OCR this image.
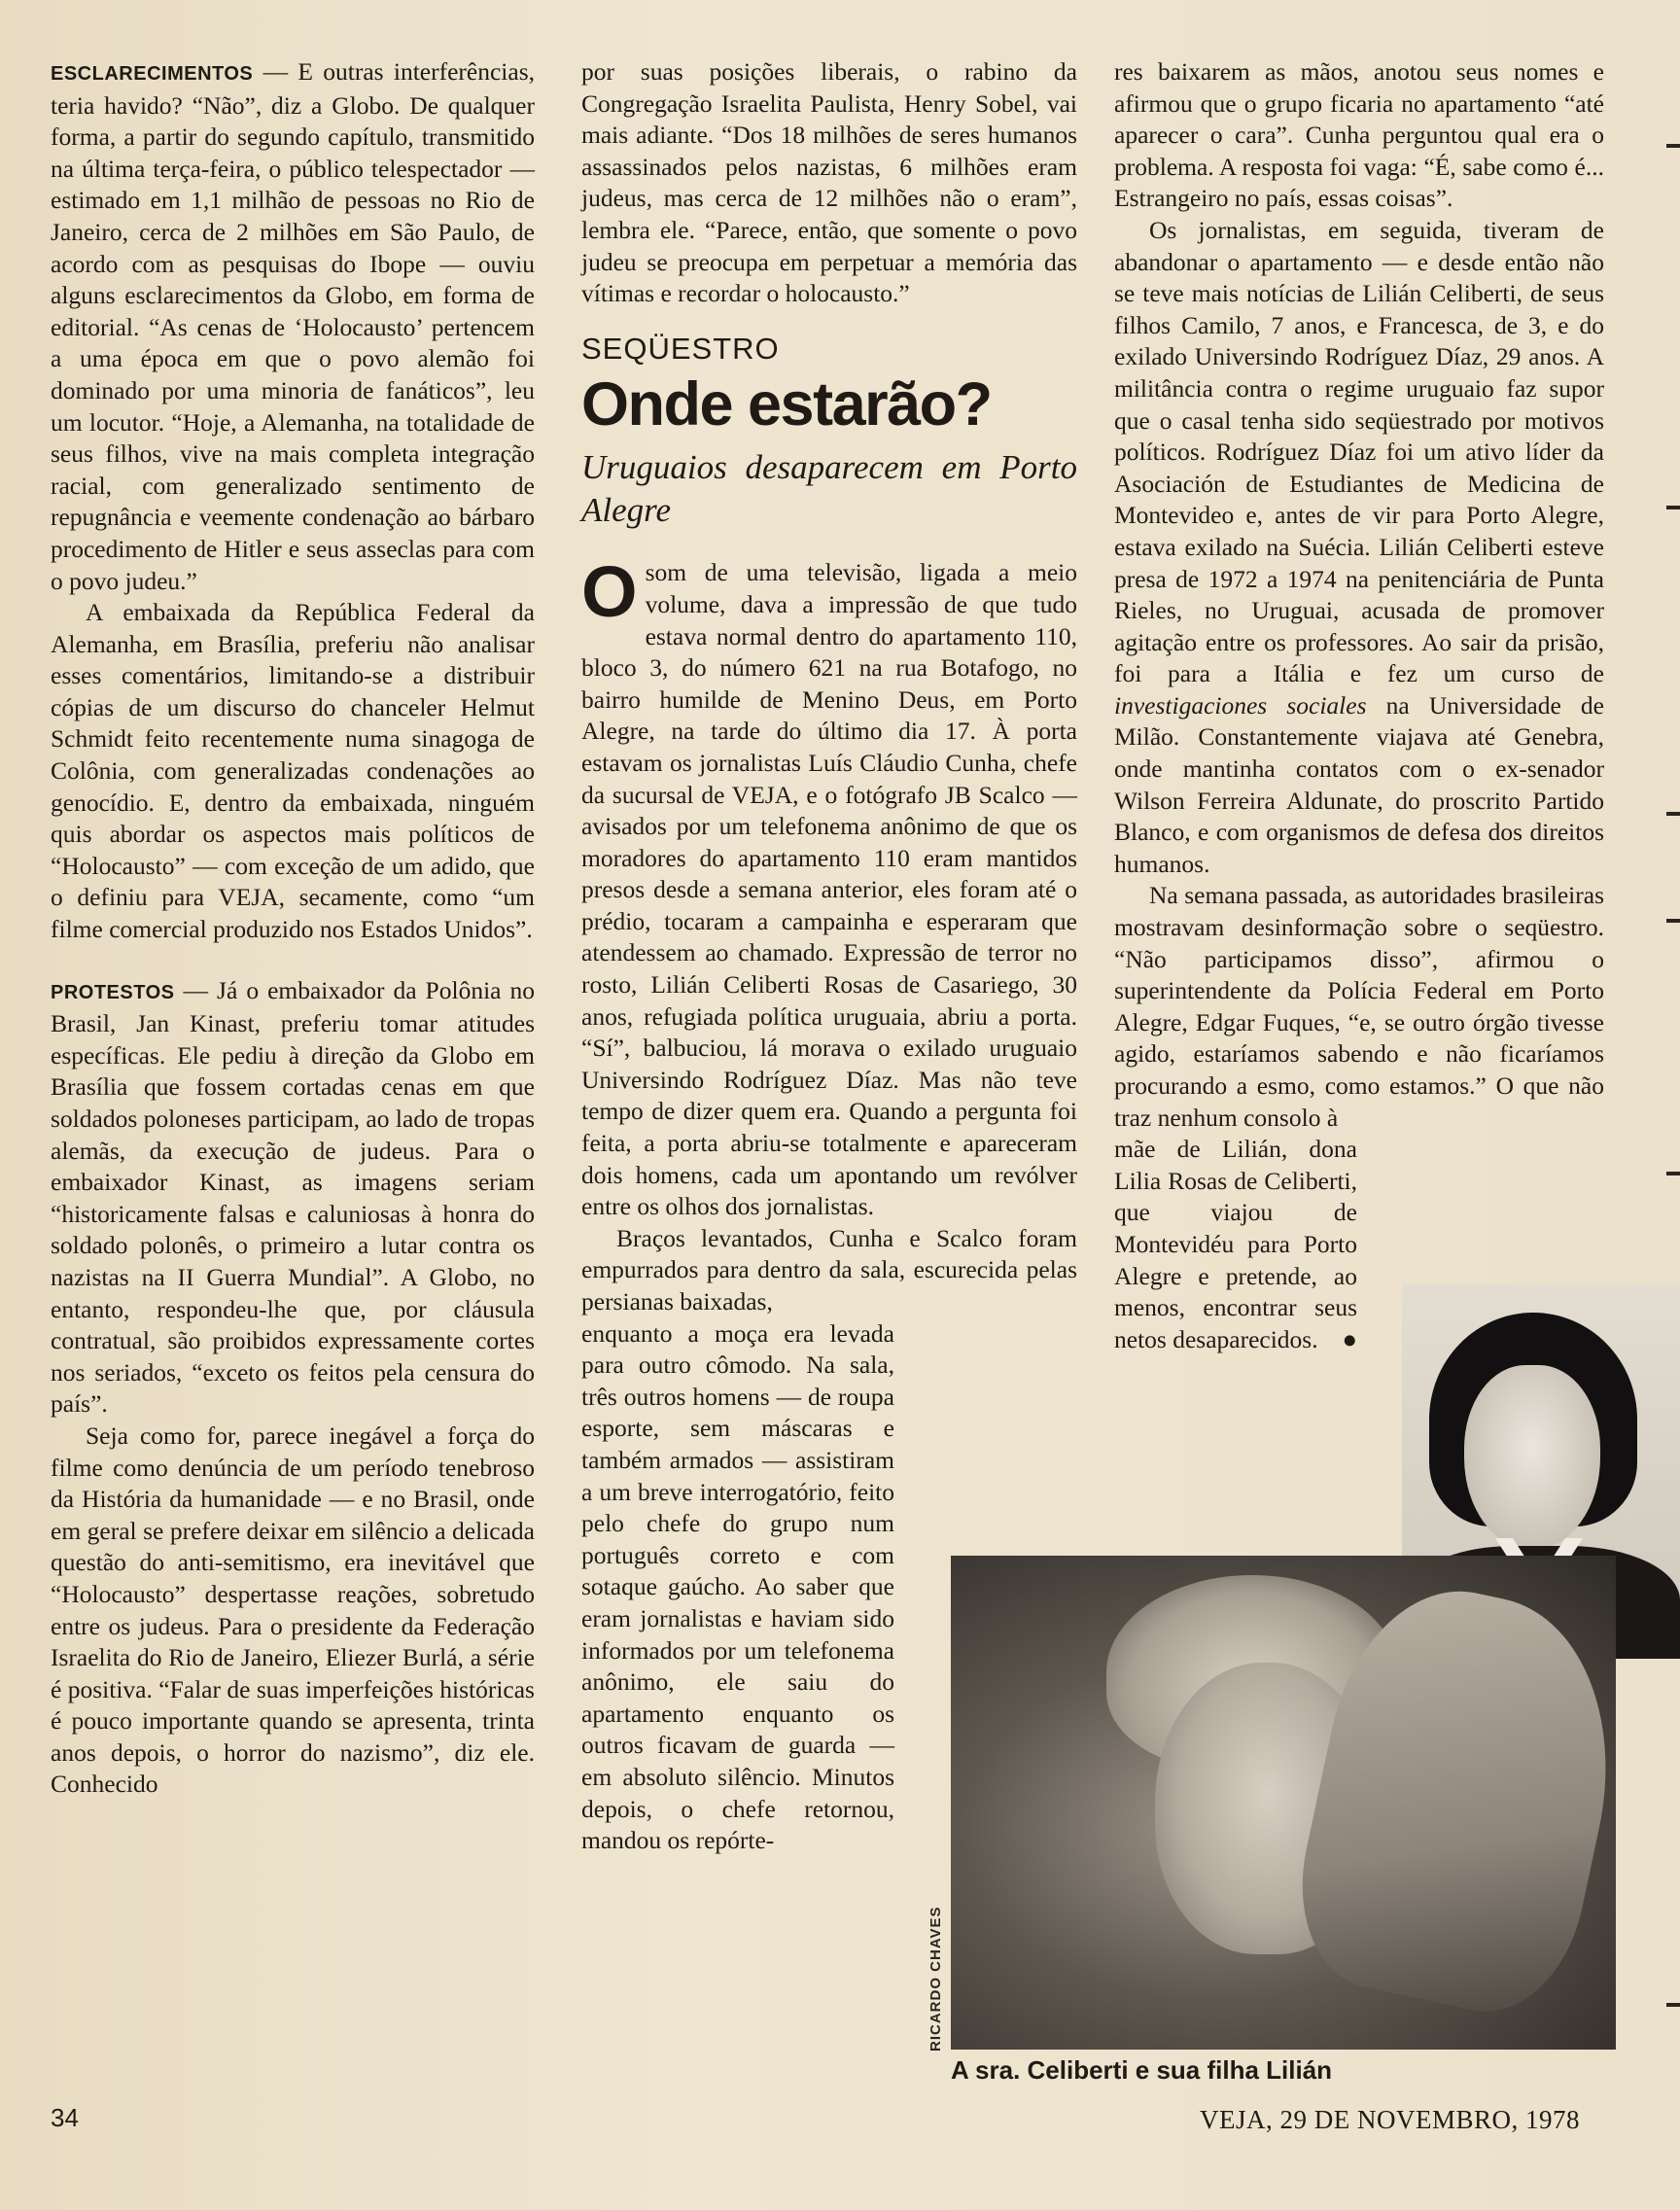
ESCLARECIMENTOS — E outras interferências, teria havido? “Não”, diz a Globo. De qualquer forma, a partir do segundo capítulo, transmitido na última terça-feira, o público telespectador — estimado em 1,1 milhão de pessoas no Rio de Janeiro, cerca de 2 milhões em São Paulo, de acordo com as pesquisas do Ibope — ouviu alguns esclarecimentos da Globo, em forma de editorial. “As cenas de ‘Holocausto’ pertencem a uma época em que o povo alemão foi dominado por uma minoria de fanáticos”, leu um locutor. “Hoje, a Alemanha, na totalidade de seus filhos, vive na mais completa integração racial, com generalizado sentimento de repugnância e veemente condenação ao bárbaro procedimento de Hitler e seus asseclas para com o povo judeu.”

A embaixada da República Federal da Alemanha, em Brasília, preferiu não analisar esses comentários, limitando-se a distribuir cópias de um discurso do chanceler Helmut Schmidt feito recentemente numa sinagoga de Colônia, com generalizadas condenações ao genocídio. E, dentro da embaixada, ninguém quis abordar os aspectos mais políticos de “Holocausto” — com exceção de um adido, que o definiu para VEJA, secamente, como “um filme comercial produzido nos Estados Unidos”.

PROTESTOS — Já o embaixador da Polônia no Brasil, Jan Kinast, preferiu tomar atitudes específicas. Ele pediu à direção da Globo em Brasília que fossem cortadas cenas em que soldados poloneses participam, ao lado de tropas alemãs, da execução de judeus. Para o embaixador Kinast, as imagens seriam “historicamente falsas e caluniosas à honra do soldado polonês, o primeiro a lutar contra os nazistas na II Guerra Mundial”. A Globo, no entanto, respondeu-lhe que, por cláusula contratual, são proibidos expressamente cortes nos seriados, “exceto os feitos pela censura do país”.

Seja como for, parece inegável a força do filme como denúncia de um período tenebroso da História da humanidade — e no Brasil, onde em geral se prefere deixar em silêncio a delicada questão do anti-semitismo, era inevitável que “Holocausto” despertasse reações, sobretudo entre os judeus. Para o presidente da Federação Israelita do Rio de Janeiro, Eliezer Burlá, a série é positiva. “Falar de suas imperfeições históricas é pouco importante quando se apresenta, trinta anos depois, o horror do nazismo”, diz ele. Conhecido

por suas posições liberais, o rabino da Congregação Israelita Paulista, Henry Sobel, vai mais adiante. “Dos 18 milhões de seres humanos assassinados pelos nazistas, 6 milhões eram judeus, mas cerca de 12 milhões não o eram”, lembra ele. “Parece, então, que somente o povo judeu se preocupa em perpetuar a memória das vítimas e recordar o holocausto.”

SEQÜESTRO
Onde estarão?
Uruguaios desaparecem em Porto Alegre

Osom de uma televisão, ligada a meio volume, dava a impressão de que tudo estava normal dentro do apartamento 110, bloco 3, do número 621 na rua Botafogo, no bairro humilde de Menino Deus, em Porto Alegre, na tarde do último dia 17. À porta estavam os jornalistas Luís Cláudio Cunha, chefe da sucursal de VEJA, e o fotógrafo JB Scalco — avisados por um telefonema anônimo de que os moradores do apartamento 110 eram mantidos presos desde a semana anterior, eles foram até o prédio, tocaram a campainha e esperaram que atendessem ao chamado. Expressão de terror no rosto, Lilián Celiberti Rosas de Casariego, 30 anos, refugiada política uruguaia, abriu a porta. “Sí”, balbuciou, lá morava o exilado uruguaio Universindo Rodríguez Díaz. Mas não teve tempo de dizer quem era. Quando a pergunta foi feita, a porta abriu-se totalmente e apareceram dois homens, cada um apontando um revólver entre os olhos dos jornalistas.

Braços levantados, Cunha e Scalco foram empurrados para dentro da sala, escurecida pelas persianas baixadas,

enquanto a moça era levada para outro cômodo. Na sala, três outros homens — de roupa esporte, sem máscaras e também armados — assistiram a um breve interrogatório, feito pelo chefe do grupo num português correto e com sotaque gaúcho. Ao saber que eram jornalistas e haviam sido informados por um telefonema anônimo, ele saiu do apartamento enquanto os outros ficavam de guarda — em absoluto silêncio. Minutos depois, o chefe retornou, mandou os repórte-

res baixarem as mãos, anotou seus nomes e afirmou que o grupo ficaria no apartamento “até aparecer o cara”. Cunha perguntou qual era o problema. A resposta foi vaga: “É, sabe como é... Estrangeiro no país, essas coisas”.

Os jornalistas, em seguida, tiveram de abandonar o apartamento — e desde então não se teve mais notícias de Lilián Celiberti, de seus filhos Camilo, 7 anos, e Francesca, de 3, e do exilado Universindo Rodríguez Díaz, 29 anos. A militância contra o regime uruguaio faz supor que o casal tenha sido seqüestrado por motivos políticos. Rodríguez Díaz foi um ativo líder da Asociación de Estudiantes de Medicina de Montevideo e, antes de vir para Porto Alegre, estava exilado na Suécia. Lilián Celiberti esteve presa de 1972 a 1974 na penitenciária de Punta Rieles, no Uruguai, acusada de promover agitação entre os professores. Ao sair da prisão, foi para a Itália e fez um curso de investigaciones sociales na Universidade de Milão. Constantemente viajava até Genebra, onde mantinha contatos com o ex-senador Wilson Ferreira Aldunate, do proscrito Partido Blanco, e com organismos de defesa dos direitos humanos.

Na semana passada, as autoridades brasileiras mostravam desinformação sobre o seqüestro. “Não participamos disso”, afirmou o superintendente da Polícia Federal em Porto Alegre, Edgar Fuques, “e, se outro órgão tivesse agido, estaríamos sabendo e não ficaríamos procurando a esmo, como estamos.” O que não traz nenhum consolo à

mãe de Lilián, dona Lilia Rosas de Celiberti, que viajou de Montevidéu para Porto Alegre e pretende, ao menos, encontrar seus netos desaparecidos. ●

RICARDO CHAVES
A sra. Celiberti e sua filha Lilián
34	VEJA, 29 DE NOVEMBRO, 1978
